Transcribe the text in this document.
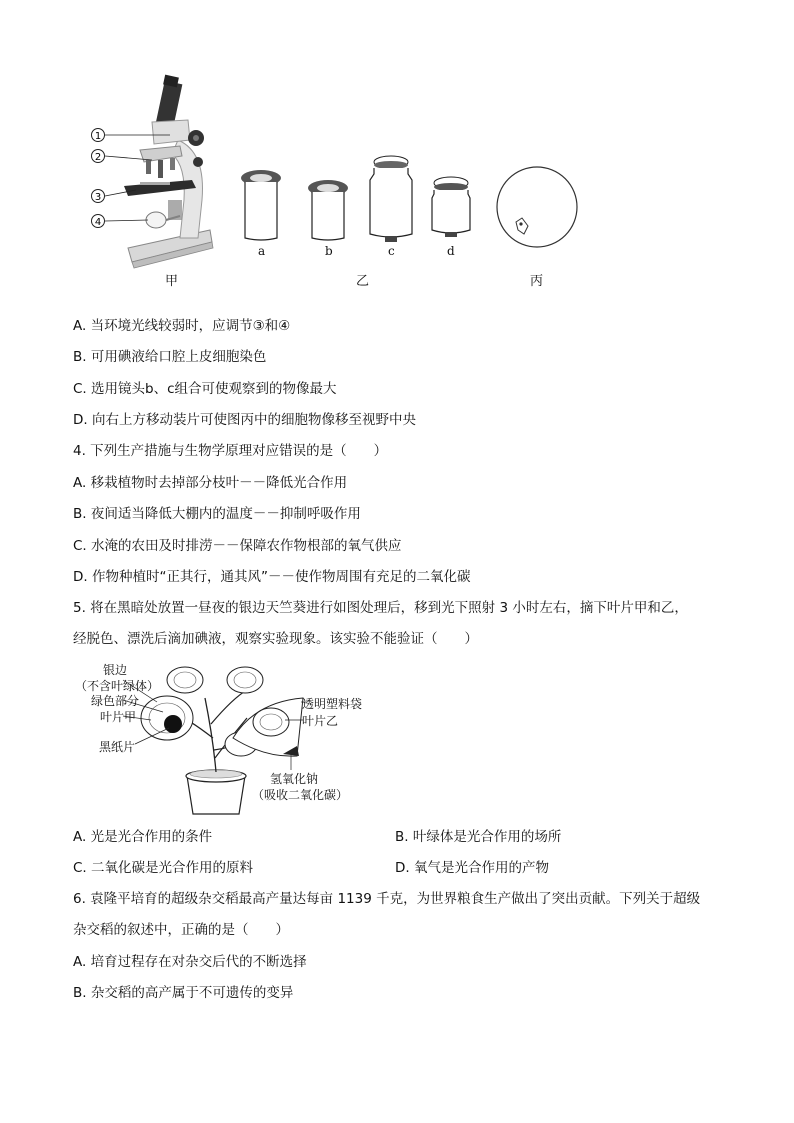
1
2
3
4
a	b	c	d
甲	乙	丙
A. 当环境光线较弱时，应调节③和④
B. 可用碘液给口腔上皮细胞染色
C. 选用镜头b、c组合可使观察到的物像最大
D. 向右上方移动装片可使图丙中的细胞物像移至视野中央
4. 下列生产措施与生物学原理对应错误的是（　　）
A. 移栽植物时去掉部分枝叶－－降低光合作用
B. 夜间适当降低大棚内的温度－－抑制呼吸作用
C. 水淹的农田及时排涝－－保障农作物根部的氧气供应
D. 作物种植时“正其行，通其风”－－使作物周围有充足的二氧化碳
5. 将在黑暗处放置一昼夜的银边天竺葵进行如图处理后，移到光下照射 3 小时左右，摘下叶片甲和乙，
经脱色、漂洗后滴加碘液，观察实验现象。该实验不能验证（　　）
银边
（不含叶绿体）
绿色部分
叶片甲
黑纸片
透明塑料袋
叶片乙
氢氧化钠
（吸收二氧化碳）
A. 光是光合作用的条件	B. 叶绿体是光合作用的场所
C. 二氧化碳是光合作用的原料	D. 氧气是光合作用的产物
6. 袁隆平培育的超级杂交稻最高产量达每亩 1139 千克，为世界粮食生产做出了突出贡献。下列关于超级
杂交稻的叙述中，正确的是（　　）
A. 培育过程存在对杂交后代的不断选择
B. 杂交稻的高产属于不可遗传的变异
